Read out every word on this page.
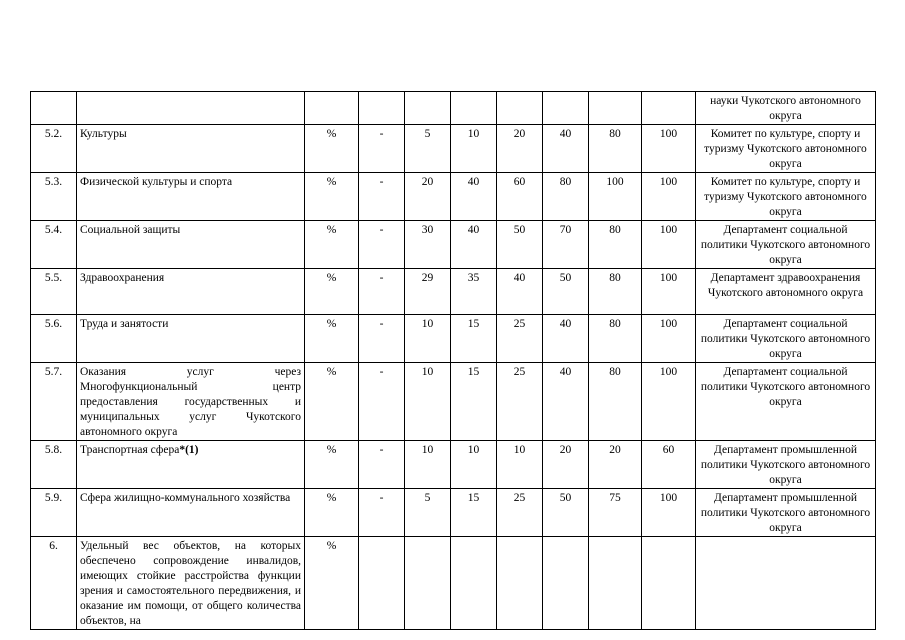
										науки Чукотского автономного округа
5.2.	Культуры	%	-	5	10	20	40	80	100	Комитет по культуре, спорту и туризму Чукотского автономного округа
5.3.	Физической культуры и спорта	%	-	20	40	60	80	100	100	Комитет по культуре, спорту и туризму Чукотского автономного округа
5.4.	Социальной защиты	%	-	30	40	50	70	80	100	Департамент социальной политики Чукотского автономного округа
5.5.	Здравоохранения	%	-	29	35	40	50	80	100	Департамент здравоохранения Чукотского автономного округа
5.6.	Труда и занятости	%	-	10	15	25	40	80	100	Департамент социальной политики Чукотского автономного округа
5.7.	Оказания услуг через Многофункциональный центр предоставления государственных и муниципальных услуг Чукотского автономного округа	%	-	10	15	25	40	80	100	Департамент социальной политики Чукотского автономного округа
5.8.	Транспортная сфера*(1)	%	-	10	10	10	20	20	60	Департамент промышленной политики Чукотского автономного округа
5.9.	Сфера жилищно-коммунального хозяйства	%	-	5	15	25	50	75	100	Департамент промышленной политики Чукотского автономного округа
6.	Удельный вес объектов, на которых обеспечено сопровождение инвалидов, имеющих стойкие расстройства функции зрения и самостоятельного передвижения, и оказание им помощи, от общего количества объектов, на	%								
